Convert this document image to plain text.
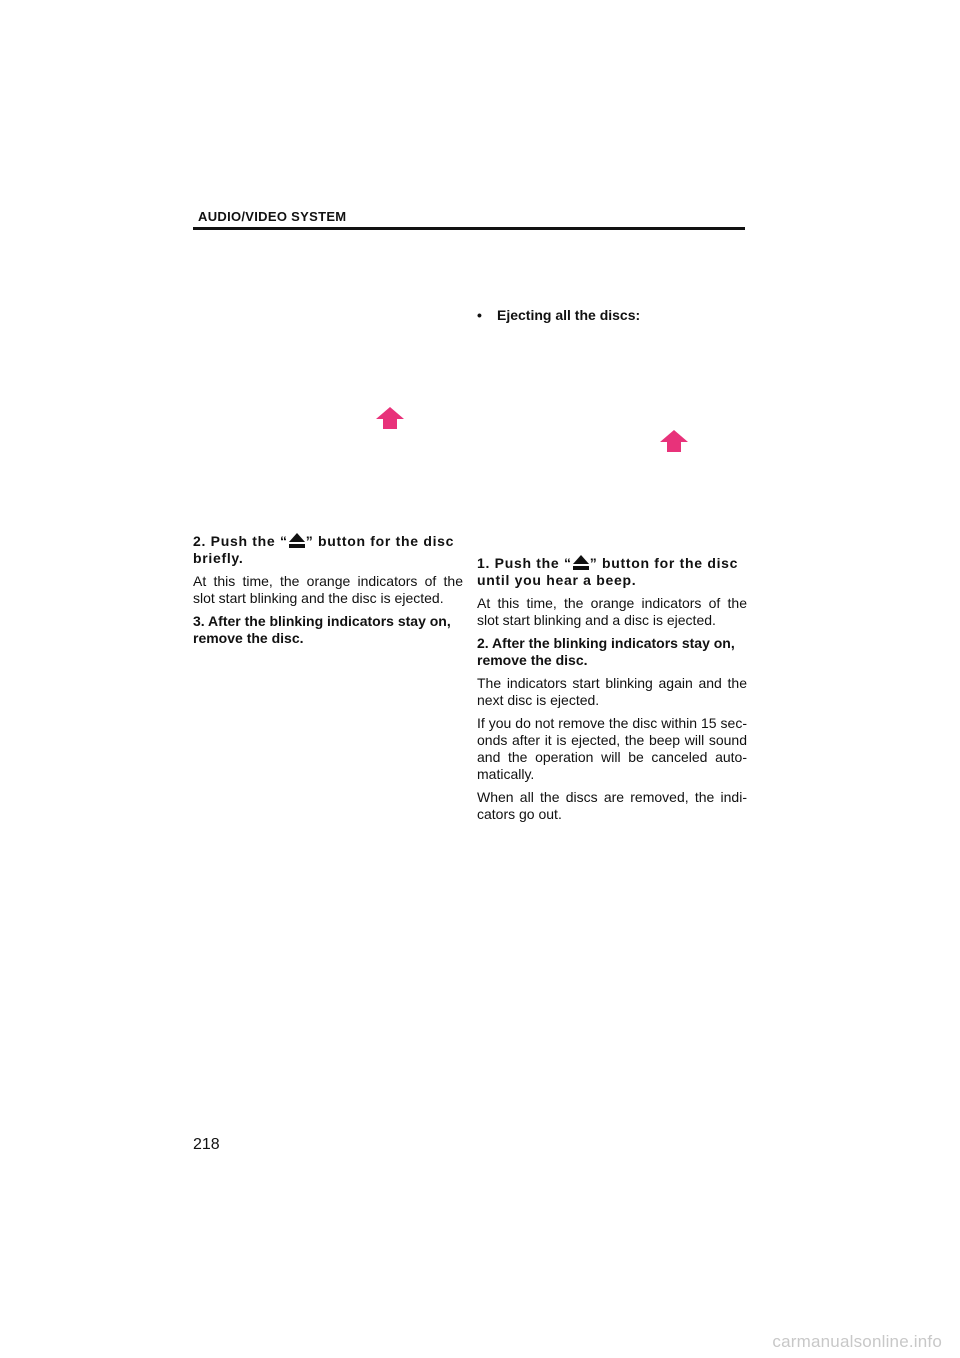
AUDIO/VIDEO SYSTEM
• Ejecting all the discs:

2. Push the “ ” button for the disc briefly.

At this time, the orange indicators of the slot start blinking and the disc is ejected.

3. After the blinking indicators stay on, remove the disc.

1. Push the “ ” button for the disc until you hear a beep.

At this time, the orange indicators of the slot start blinking and a disc is ejected.

2. After the blinking indicators stay on, remove the disc.

The indicators start blinking again and the next disc is ejected.

If you do not remove the disc within 15 sec- onds after it is ejected, the beep will sound and the operation will be canceled auto- matically.

When all the discs are removed, the indi- cators go out.

218
carmanualsonline.info
